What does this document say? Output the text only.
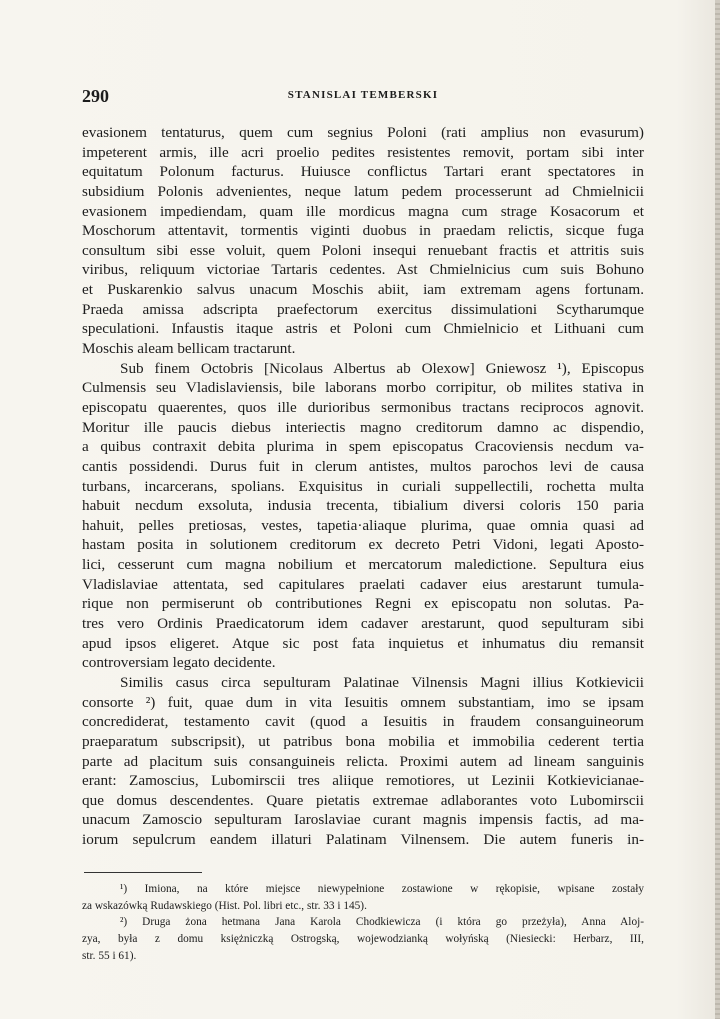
290	STANISLAI TEMBERSKI
evasionem tentaturus, quem cum segnius Poloni (rati amplius non evasurum)
impeterent armis, ille acri proelio pedites resistentes removit, portam sibi inter
equitatum Polonum facturus. Huiusce conflictus Tartari erant spectatores in
subsidium Polonis advenientes, neque latum pedem processerunt ad Chmielnicii
evasionem impediendam, quam ille mordicus magna cum strage Kosacorum et
Moschorum attentavit, tormentis viginti duobus in praedam relictis, sicque fuga
consultum sibi esse voluit, quem Poloni insequi renuebant fractis et attritis suis
viribus, reliquum victoriae Tartaris cedentes. Ast Chmielnicius cum suis Bohuno
et Puskarenkio salvus unacum Moschis abiit, iam extremam agens fortunam.
Praeda amissa adscripta praefectorum exercitus dissimulationi Scytharumque
speculationi. Infaustis itaque astris et Poloni cum Chmielnicio et Lithuani cum
Moschis aleam bellicam tractarunt.
Sub finem Octobris [Nicolaus Albertus ab Olexow] Gniewosz ¹), Episcopus
Culmensis seu Vladislaviensis, bile laborans morbo corripitur, ob milites stativa in
episcopatu quaerentes, quos ille durioribus sermonibus tractans reciprocos agnovit.
Moritur ille paucis diebus interiectis magno creditorum damno ac dispendio,
a quibus contraxit debita plurima in spem episcopatus Cracoviensis necdum va-
cantis possidendi. Durus fuit in clerum antistes, multos parochos levi de causa
turbans, incarcerans, spolians. Exquisitus in curiali suppellectili, rochetta multa
habuit necdum exsoluta, indusia trecenta, tibialium diversi coloris 150 paria
hahuit, pelles pretiosas, vestes, tapetia·aliaque plurima, quae omnia quasi ad
hastam posita in solutionem creditorum ex decreto Petri Vidoni, legati Aposto-
lici, cesserunt cum magna nobilium et mercatorum maledictione. Sepultura eius
Vladislaviae attentata, sed capitulares praelati cadaver eius arestarunt tumula-
rique non permiserunt ob contributiones Regni ex episcopatu non solutas. Pa-
tres vero Ordinis Praedicatorum idem cadaver arestarunt, quod sepulturam sibi
apud ipsos eligeret. Atque sic post fata inquietus et inhumatus diu remansit
controversiam legato decidente.
Similis casus circa sepulturam Palatinae Vilnensis Magni illius Kotkievicii
consorte ²) fuit, quae dum in vita Iesuitis omnem substantiam, imo se ipsam
concrediderat, testamento cavit (quod a Iesuitis in fraudem consanguineorum
praeparatum subscripsit), ut patribus bona mobilia et immobilia cederent tertia
parte ad placitum suis consanguineis relicta. Proximi autem ad lineam sanguinis
erant: Zamoscius, Lubomirscii tres aliique remotiores, ut Lezinii Kotkievicianae-
que domus descendentes. Quare pietatis extremae adlaborantes voto Lubomirscii
unacum Zamoscio sepulturam Iaroslaviae curant magnis impensis factis, ad ma-
iorum sepulcrum eandem illaturi Palatinam Vilnensem. Die autem funeris in-
¹) Imiona, na które miejsce niewypełnione zostawione w rękopisie, wpisane zostały
za wskazówką Rudawskiego (Hist. Pol. libri etc., str. 33 i 145).
²) Druga żona hetmana Jana Karola Chodkiewicza (i która go przeżyła), Anna Aloj-
zya, była z domu księżniczką Ostrogską, wojewodzianką wołyńską (Niesiecki: Herbarz, III,
str. 55 i 61).
